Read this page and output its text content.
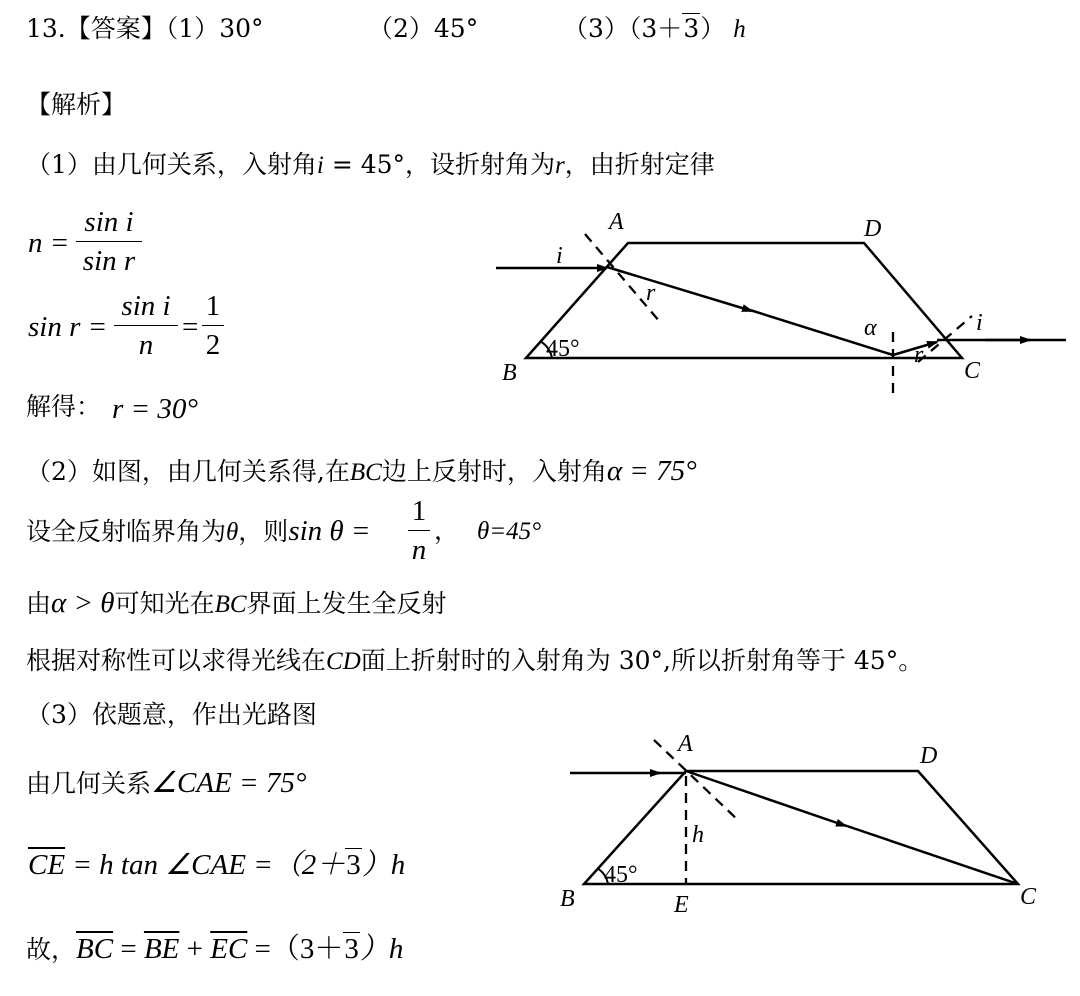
13.【答案】（1）30°	（2）45°	（3）（3＋3） h
【解析】
（1）由几何关系，入射角i = 45°，设折射角为r，由折射定律
n =
sin i
sin r
sin r =
sin i
n
=
1
2
解得： r = 30°
（2）如图，由几何关系得,在BC边上反射时，入射角α = 75°
设全反射临界角为θ，则sin θ =
1
n
， θ=45°
由α > θ可知光在BC界面上发生全反射
根据对称性可以求得光线在CD面上折射时的入射角为 30°,所以折射角等于 45°。
（3）依题意，作出光路图
由几何关系∠CAE = 75°
$\overline{CE} = h$ tan ∠CAE =（2＋3）h
故，$\overline{BC} = \overline{BE} + \overline{EC} =(3+3)h$
A	D
B	C
i
r
α
45°	r
i
A	D
B	C
E
h
45°
